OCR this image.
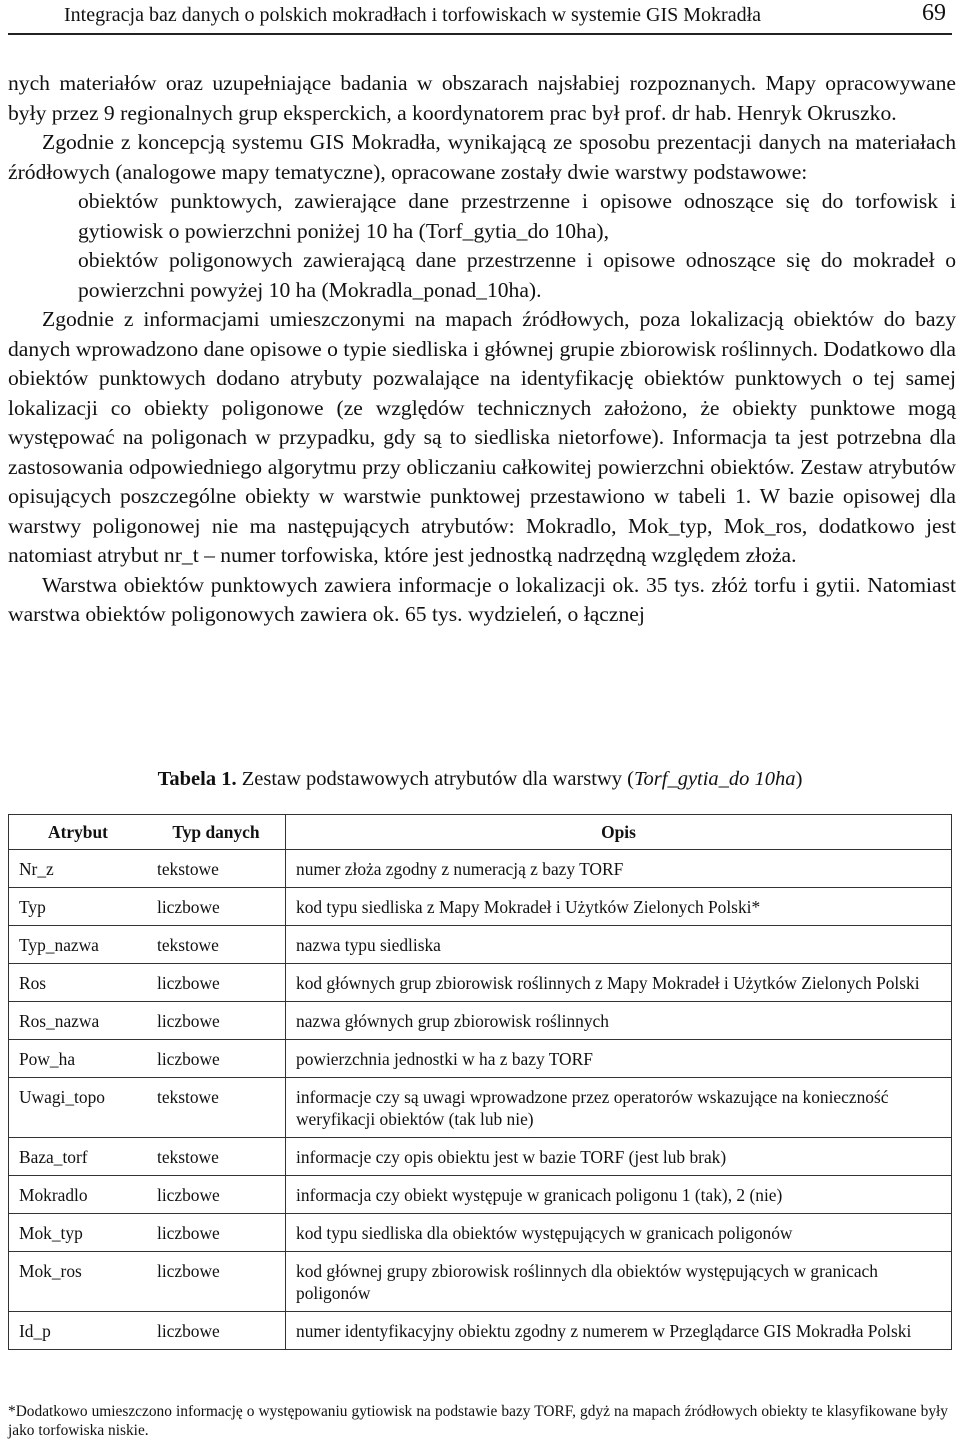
Integracja baz danych o polskich mokradłach i torfowiskach w systemie GIS Mokradła	69

nych materiałów oraz uzupełniające badania w obszarach najsłabiej rozpoznanych. Mapy opracowywane były przez 9 regionalnych grup eksperckich, a koordynatorem prac był prof. dr hab. Henryk Okruszko.

Zgodnie z koncepcją systemu GIS Mokradła, wynikającą ze sposobu prezentacji danych na materiałach źródłowych (analogowe mapy tematyczne), opracowane zostały dwie warstwy podstawowe:

obiektów punktowych, zawierające dane przestrzenne i opisowe odnoszące się do torfowisk i gytiowisk o powierzchni poniżej 10 ha (Torf_gytia_do 10ha),
obiektów poligonowych zawierającą dane przestrzenne i opisowe odnoszące się do mokradeł o powierzchni powyżej 10 ha (Mokradla_ponad_10ha).

Zgodnie z informacjami umieszczonymi na mapach źródłowych, poza lokalizacją obiektów do bazy danych wprowadzono dane opisowe o typie siedliska i głównej grupie zbiorowisk roślinnych. Dodatkowo dla obiektów punktowych dodano atrybuty pozwalające na identyfikację obiektów punktowych o tej samej lokalizacji co obiekty poligonowe (ze względów technicznych założono, że obiekty punktowe mogą występować na poligonach w przypadku, gdy są to siedliska nietorfowe). Informacja ta jest potrzebna dla zastosowania odpowiedniego algorytmu przy obliczaniu całkowitej powierzchni obiektów. Zestaw atrybutów opisujących poszczególne obiekty w warstwie punktowej przestawiono w tabeli 1. W bazie opisowej dla warstwy poligonowej nie ma następujących atrybutów: Mokradlo, Mok_typ, Mok_ros, dodatkowo jest natomiast atrybut nr_t – numer torfowiska, które jest jednostką nadrzędną względem złoża.

Warstwa obiektów punktowych zawiera informacje o lokalizacji ok. 35 tys. złóż torfu i gytii. Natomiast warstwa obiektów poligonowych zawiera ok. 65 tys. wydzieleń, o łącznej

Tabela 1. Zestaw podstawowych atrybutów dla warstwy (Torf_gytia_do 10ha)
Atrybut	Typ danych	Opis
Nr_z	tekstowe	numer złoża zgodny z numeracją z bazy TORF
Typ	liczbowe	kod typu siedliska z Mapy Mokradeł i Użytków Zielonych Polski*
Typ_nazwa	tekstowe	nazwa typu siedliska
Ros	liczbowe	kod głównych grup zbiorowisk roślinnych z Mapy Mokradeł i Użytków Zielonych Polski
Ros_nazwa	liczbowe	nazwa głównych grup zbiorowisk roślinnych
Pow_ha	liczbowe	powierzchnia jednostki w ha z bazy TORF
Uwagi_topo	tekstowe	informacje czy są uwagi wprowadzone przez operatorów wskazujące na konieczność weryfikacji obiektów (tak lub nie)
Baza_torf	tekstowe	informacje czy opis obiektu jest w bazie TORF (jest lub brak)
Mokradlo	liczbowe	informacja czy obiekt występuje w granicach poligonu 1 (tak), 2 (nie)
Mok_typ	liczbowe	kod typu siedliska dla obiektów występujących w granicach poligonów
Mok_ros	liczbowe	kod głównej grupy zbiorowisk roślinnych dla obiektów występujących w granicach poligonów
Id_p	liczbowe	numer identyfikacyjny obiektu zgodny z numerem w Przeglądarce GIS Mokradła Polski
*Dodatkowo umieszczono informację o występowaniu gytiowisk na podstawie bazy TORF, gdyż na mapach źródłowych obiekty te klasyfikowane były jako torfowiska niskie.
